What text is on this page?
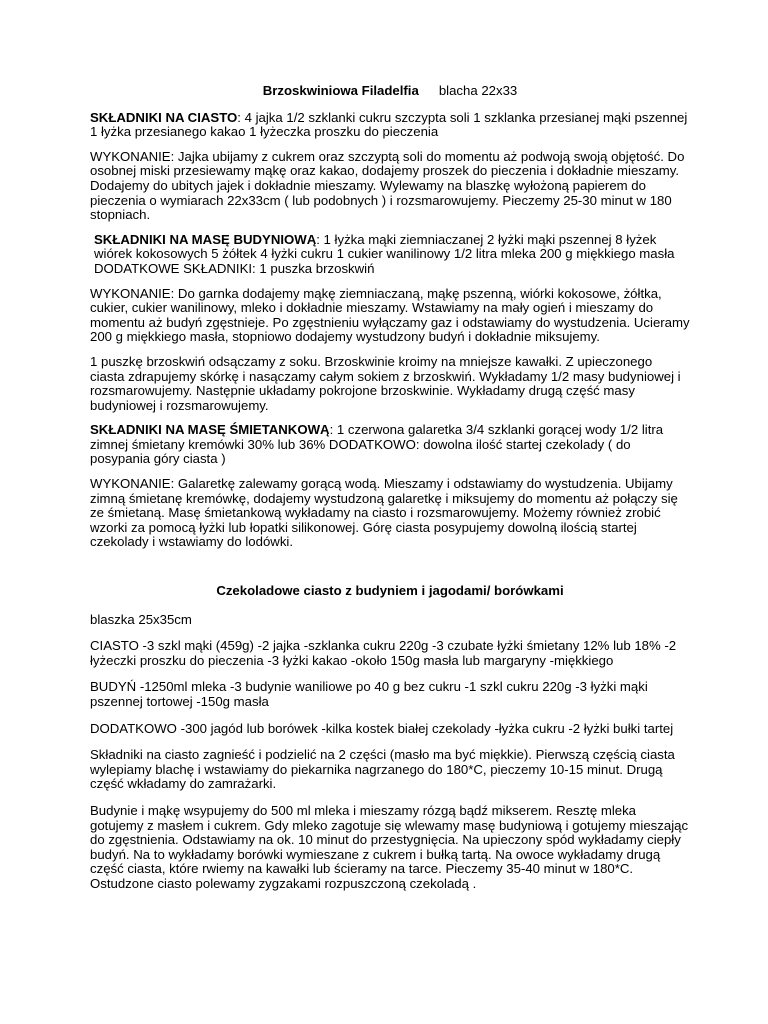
Brzoskwiniowa Filadelfia blacha 22x33

SKŁADNIKI NA CIASTO: 4 jajka 1/2 szklanki cukru szczypta soli 1 szklanka przesianej mąki pszennej 1 łyżka przesianego kakao 1 łyżeczka proszku do pieczenia

WYKONANIE: Jajka ubijamy z cukrem oraz szczyptą soli do momentu aż podwoją swoją objętość. Do osobnej miski przesiewamy mąkę oraz kakao, dodajemy proszek do pieczenia i dokładnie mieszamy. Dodajemy do ubitych jajek i dokładnie mieszamy. Wylewamy na blaszkę wyłożoną papierem do pieczenia o wymiarach 22x33cm ( lub podobnych ) i rozsmarowujemy. Pieczemy 25-30 minut w 180 stopniach.

SKŁADNIKI NA MASĘ BUDYNIOWĄ: 1 łyżka mąki ziemniaczanej 2 łyżki mąki pszennej 8 łyżek wiórek kokosowych 5 żółtek 4 łyżki cukru 1 cukier wanilinowy 1/2 litra mleka 200 g miękkiego masła DODATKOWE SKŁADNIKI: 1 puszka brzoskwiń

WYKONANIE: Do garnka dodajemy mąkę ziemniaczaną, mąkę pszenną, wiórki kokosowe, żółtka, cukier, cukier wanilinowy, mleko i dokładnie mieszamy. Wstawiamy na mały ogień i mieszamy do momentu aż budyń zgęstnieje. Po zgęstnieniu wyłączamy gaz i odstawiamy do wystudzenia. Ucieramy 200 g miękkiego masła, stopniowo dodajemy wystudzony budyń i dokładnie miksujemy.

1 puszkę brzoskwiń odsączamy z soku. Brzoskwinie kroimy na mniejsze kawałki. Z upieczonego ciasta zdrapujemy skórkę i nasączamy całym sokiem z brzoskwiń. Wykładamy 1/2 masy budyniowej i rozsmarowujemy. Następnie układamy pokrojone brzoskwinie. Wykładamy drugą część masy budyniowej i rozsmarowujemy.

SKŁADNIKI NA MASĘ ŚMIETANKOWĄ: 1 czerwona galaretka 3/4 szklanki gorącej wody 1/2 litra zimnej śmietany kremówki 30% lub 36% DODATKOWO: dowolna ilość startej czekolady ( do posypania góry ciasta )

WYKONANIE: Galaretkę zalewamy gorącą wodą. Mieszamy i odstawiamy do wystudzenia. Ubijamy zimną śmietanę kremówkę, dodajemy wystudzoną galaretkę i miksujemy do momentu aż połączy się ze śmietaną. Masę śmietankową wykładamy na ciasto i rozsmarowujemy. Możemy również zrobić wzorki za pomocą łyżki lub łopatki silikonowej. Górę ciasta posypujemy dowolną ilością startej czekolady i wstawiamy do lodówki.

Czekoladowe ciasto z budyniem i jagodami/ borówkami

blaszka 25x35cm

CIASTO -3 szkl mąki (459g) -2 jajka -szklanka cukru 220g -3 czubate łyżki śmietany 12% lub 18% -2 łyżeczki proszku do pieczenia -3 łyżki kakao -około 150g masła lub margaryny -miękkiego

BUDYŃ -1250ml mleka -3 budynie waniliowe po 40 g bez cukru -1 szkl cukru 220g -3 łyżki mąki pszennej tortowej -150g masła

DODATKOWO -300 jagód lub borówek -kilka kostek białej czekolady -łyżka cukru -2 łyżki bułki tartej

Składniki na ciasto zagnieść i podzielić na 2 części (masło ma być miękkie). Pierwszą częścią ciasta wylepiamy blachę i wstawiamy do piekarnika nagrzanego do 180*C, pieczemy 10-15 minut. Drugą część wkładamy do zamrażarki.

Budynie i mąkę wsypujemy do 500 ml mleka i mieszamy rózgą bądź mikserem. Resztę mleka gotujemy z masłem i cukrem. Gdy mleko zagotuje się wlewamy masę budyniową i gotujemy mieszając do zgęstnienia. Odstawiamy na ok. 10 minut do przestygnięcia. Na upieczony spód wykładamy ciepły budyń. Na to wykładamy borówki wymieszane z cukrem i bułką tartą. Na owoce wykładamy drugą część ciasta, które rwiemy na kawałki lub ścieramy na tarce. Pieczemy 35-40 minut w 180*C. Ostudzone ciasto polewamy zygzakami rozpuszczoną czekoladą .
